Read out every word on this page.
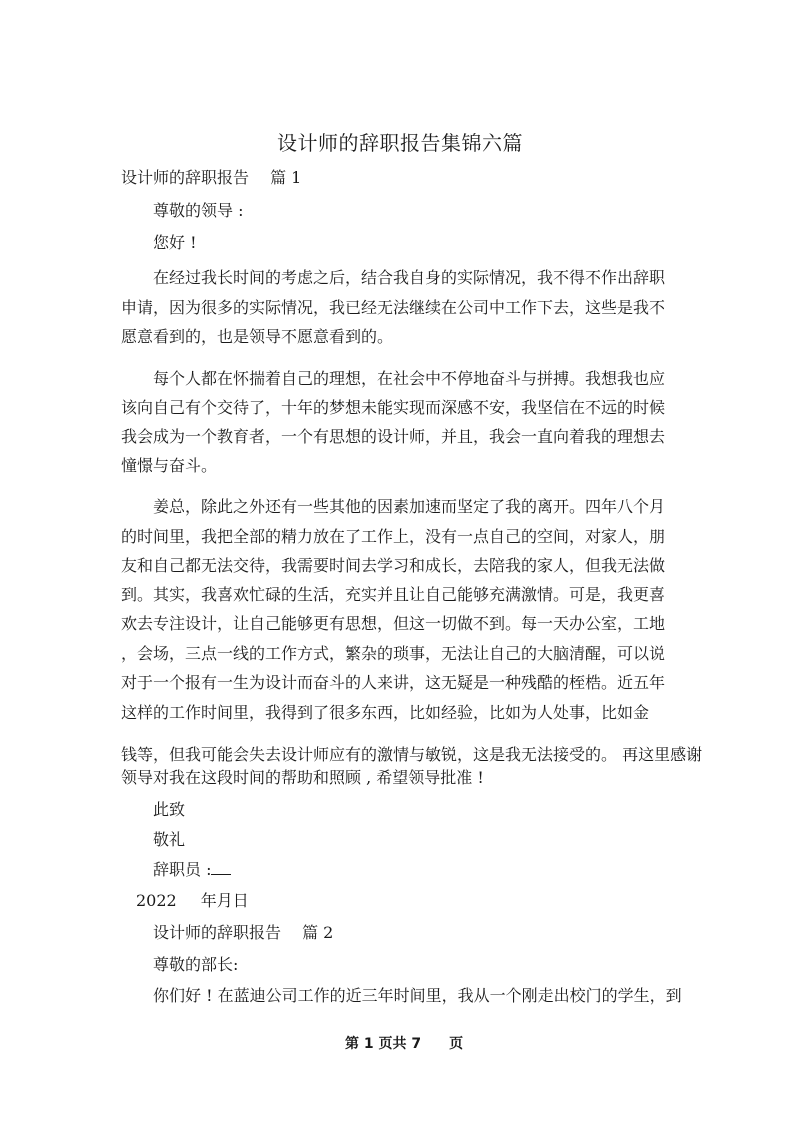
设计师的辞职报告集锦六篇
设计师的辞职报告　 篇 1
尊敬的领导 :
您好 !
在经过我长时间的考虑之后，结合我自身的实际情况，我不得不作出辞职
申请，因为很多的实际情况，我已经无法继续在公司中工作下去，这些是我不
愿意看到的，也是领导不愿意看到的。
每个人都在怀揣着自己的理想，在社会中不停地奋斗与拼搏。我想我也应
该向自己有个交待了，十年的梦想未能实现而深感不安，我坚信在不远的时候
我会成为一个教育者，一个有思想的设计师，并且，我会一直向着我的理想去
憧憬与奋斗。
姜总，除此之外还有一些其他的因素加速而坚定了我的离开。四年八个月
的时间里，我把全部的精力放在了工作上，没有一点自己的空间，对家人，朋
友和自己都无法交待，我需要时间去学习和成长，去陪我的家人，但我无法做
到。其实，我喜欢忙碌的生活，充实并且让自己能够充满激情。可是，我更喜
欢去专注设计，让自己能够更有思想，但这一切做不到。每一天办公室，工地
，会场，三点一线的工作方式，繁杂的琐事，无法让自己的大脑清醒，可以说
对于一个报有一生为设计而奋斗的人来讲，这无疑是一种残酷的桎梏。近五年
这样的工作时间里，我得到了很多东西，比如经验，比如为人处事，比如金
钱等，但我可能会失去设计师应有的激情与敏锐，这是我无法接受的。 再这里感谢
领导对我在这段时间的帮助和照顾 , 希望领导批准 !
此致
敬礼
辞职员 :
2022 年月日
设计师的辞职报告　 篇 2
尊敬的部长:
你们好 ! 在蓝迪公司工作的近三年时间里，我从一个刚走出校门的学生，到
第 1 页共 7　　页
